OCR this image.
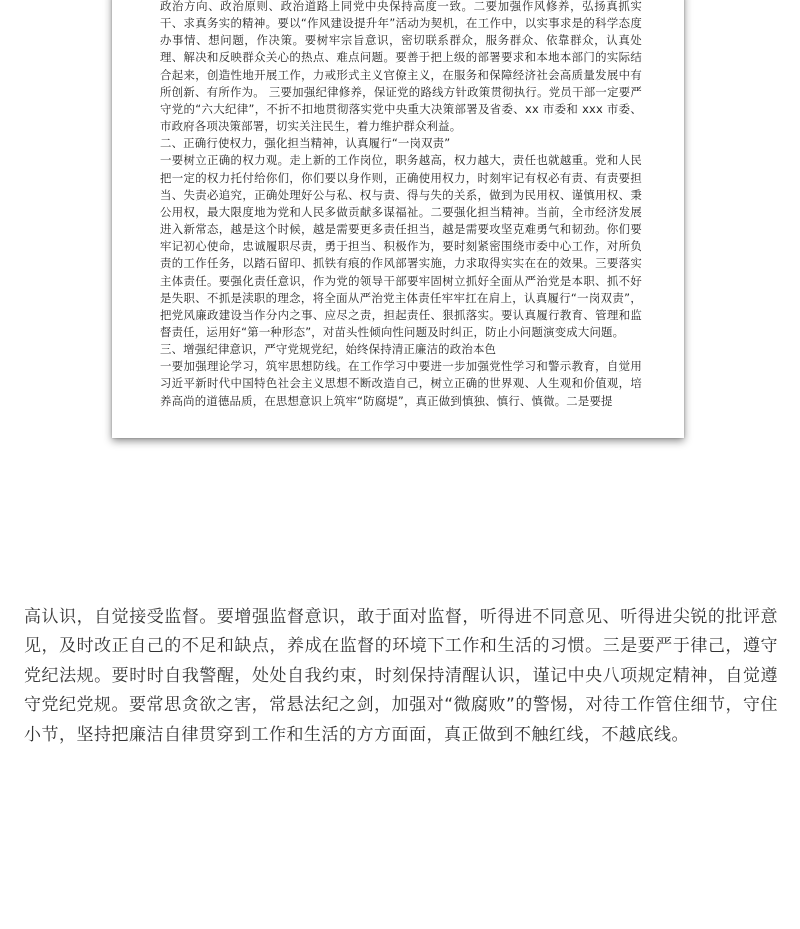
政治方向、政治原则、政治道路上同党中央保持高度一致。二要加强作风修养，弘扬真抓实干、求真务实的精神。要以“作风建设提升年”活动为契机，在工作中，以实事求是的科学态度办事情、想问题，作决策。要树牢宗旨意识，密切联系群众，服务群众、依靠群众，认真处理、解决和反映群众关心的热点、难点问题。要善于把上级的部署要求和本地本部门的实际结合起来，创造性地开展工作，力戒形式主义官僚主义，在服务和保障经济社会高质量发展中有所创新、有所作为。 三要加强纪律修养，保证党的路线方针政策贯彻执行。党员干部一定要严守党的“六大纪律”，不折不扣地贯彻落实党中央重大决策部署及省委、xx 市委和 xxx 市委、市政府各项决策部署，切实关注民生，着力维护群众利益。

二、正确行使权力，强化担当精神，认真履行“一岗双责”

一要树立正确的权力观。走上新的工作岗位，职务越高，权力越大，责任也就越重。党和人民把一定的权力托付给你们，你们要以身作则，正确使用权力，时刻牢记有权必有责、有责要担当、失责必追究，正确处理好公与私、权与责、得与失的关系，做到为民用权、谨慎用权、秉公用权，最大限度地为党和人民多做贡献多谋福祉。二要强化担当精神。当前，全市经济发展进入新常态，越是这个时候，越是需要更多责任担当，越是需要攻坚克难勇气和韧劲。你们要牢记初心使命，忠诚履职尽责，勇于担当、积极作为，要时刻紧密围绕市委中心工作，对所负责的工作任务，以踏石留印、抓铁有痕的作风部署实施，力求取得实实在在的效果。三要落实主体责任。要强化责任意识，作为党的领导干部要牢固树立抓好全面从严治党是本职、抓不好是失职、不抓是渎职的理念，将全面从严治党主体责任牢牢扛在肩上，认真履行“一岗双责”，把党风廉政建设当作分内之事、应尽之责，担起责任、狠抓落实。要认真履行教育、管理和监督责任，运用好“第一种形态”，对苗头性倾向性问题及时纠正，防止小问题演变成大问题。

三、增强纪律意识，严守党规党纪，始终保持清正廉洁的政治本色

一要加强理论学习，筑牢思想防线。在工作学习中要进一步加强党性学习和警示教育，自觉用习近平新时代中国特色社会主义思想不断改造自己，树立正确的世界观、人生观和价值观，培养高尚的道德品质，在思想意识上筑牢“防腐堤”，真正做到慎独、慎行、慎微。二是要提

高认识，自觉接受监督。要增强监督意识，敢于面对监督，听得进不同意见、听得进尖锐的批评意见，及时改正自己的不足和缺点，养成在监督的环境下工作和生活的习惯。三是要严于律己，遵守党纪法规。要时时自我警醒，处处自我约束，时刻保持清醒认识，谨记中央八项规定精神，自觉遵守党纪党规。要常思贪欲之害，常悬法纪之剑，加强对“微腐败”的警惕，对待工作管住细节，守住小节，坚持把廉洁自律贯穿到工作和生活的方方面面，真正做到不触红线，不越底线。
